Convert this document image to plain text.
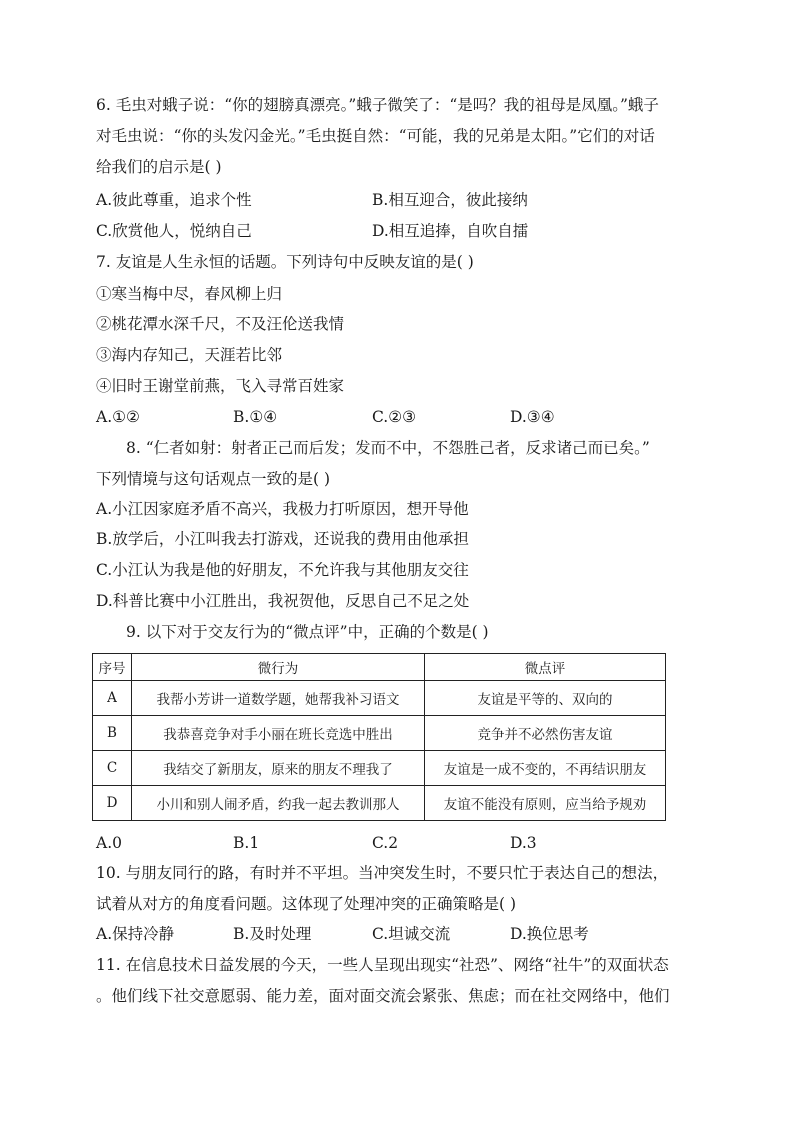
6. 毛虫对蛾子说：“你的翅膀真漂亮。”蛾子微笑了：“是吗？我的祖母是凤凰。”蛾子
对毛虫说：“你的头发闪金光。”毛虫挺自然：“可能，我的兄弟是太阳。”它们的对话
给我们的启示是( )
A.彼此尊重，追求个性	B.相互迎合，彼此接纳
C.欣赏他人，悦纳自己	D.相互追捧，自吹自擂
7. 友谊是人生永恒的话题。下列诗句中反映友谊的是( )
①寒当梅中尽，春风柳上归
②桃花潭水深千尺，不及汪伦送我情
③海内存知己，天涯若比邻
④旧时王谢堂前燕，飞入寻常百姓家
A.①②	B.①④	C.②③	D.③④
8. “仁者如射：射者正己而后发；发而不中，不怨胜己者，反求诸己而已矣。”
下列情境与这句话观点一致的是( )
A.小江因家庭矛盾不高兴，我极力打听原因，想开导他
B.放学后，小江叫我去打游戏，还说我的费用由他承担
C.小江认为我是他的好朋友，不允许我与其他朋友交往
D.科普比赛中小江胜出，我祝贺他，反思自己不足之处
9. 以下对于交友行为的“微点评”中，正确的个数是( )
序号	微行为	微点评
A	我帮小芳讲一道数学题，她帮我补习语文	友谊是平等的、双向的
B	我恭喜竞争对手小丽在班长竞选中胜出	竞争并不必然伤害友谊
C	我结交了新朋友，原来的朋友不理我了	友谊是一成不变的，不再结识朋友
D	小川和别人闹矛盾，约我一起去教训那人	友谊不能没有原则，应当给予规劝
A.0	B.1	C.2	D.3
10. 与朋友同行的路，有时并不平坦。当冲突发生时，不要只忙于表达自己的想法，
试着从对方的角度看问题。这体现了处理冲突的正确策略是( )
A.保持冷静	B.及时处理	C.坦诚交流	D.换位思考
11. 在信息技术日益发展的今天，一些人呈现出现实“社恐”、网络“社牛”的双面状态
。他们线下社交意愿弱、能力差，面对面交流会紧张、焦虑；而在社交网络中，他们
